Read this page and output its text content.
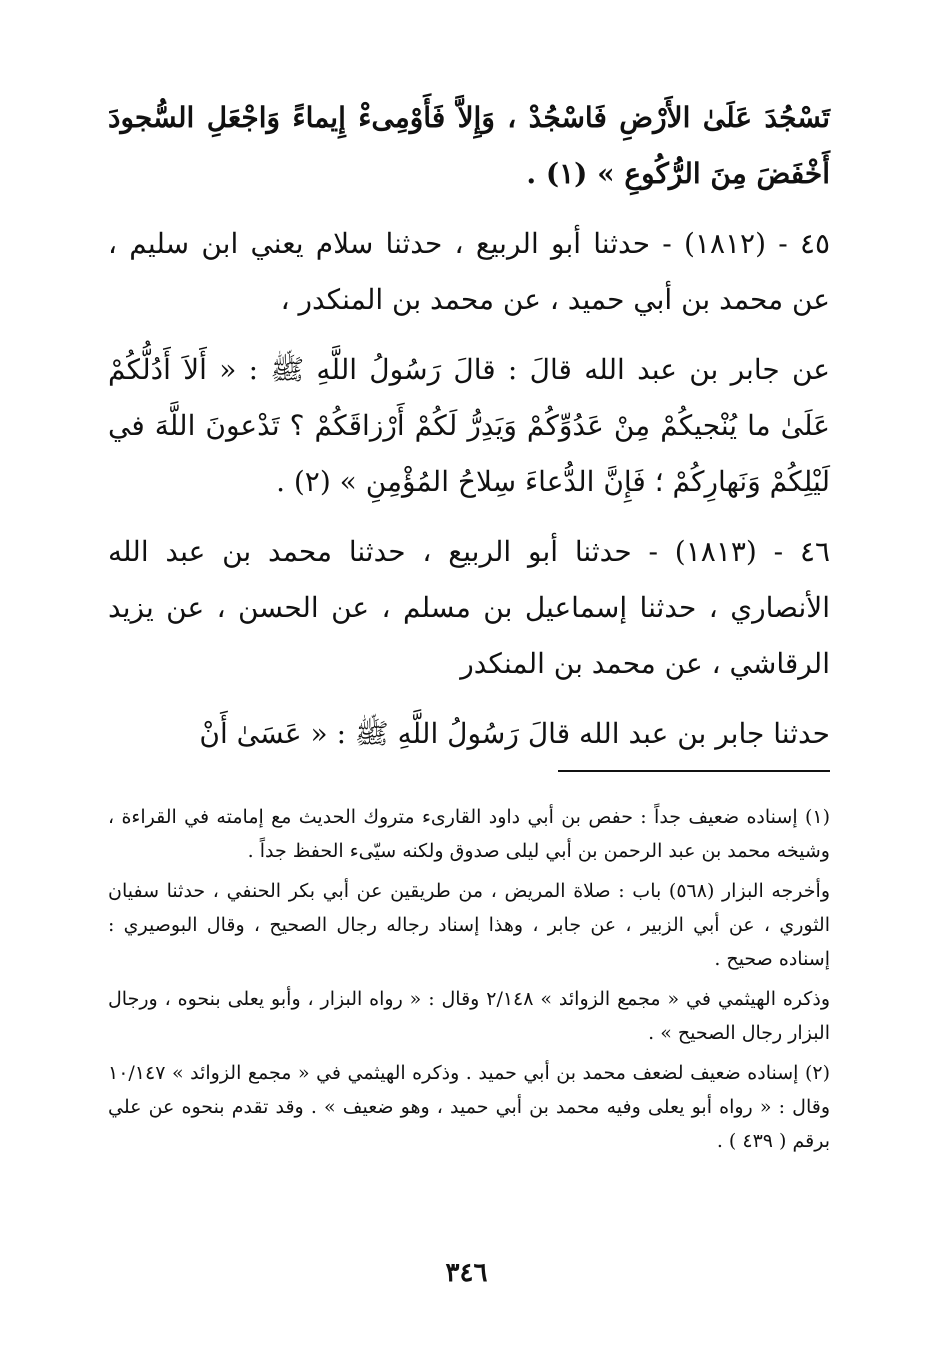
تَسْجُدَ عَلَىٰ الأَرْضِ فَاسْجُدْ ، وَإِلاَّ فَأَوْمِىءْ إِيماءً وَاجْعَلِ السُّجودَ أَخْفَضَ مِنَ الرُّكُوعِ » (١) .

٤٥ - (١٨١٢) - حدثنا أبو الربيع ، حدثنا سلام يعني ابن سليم ، عن محمد بن أبي حميد ، عن محمد بن المنكدر ،

عن جابر بن عبد الله قالَ : قالَ رَسُولُ اللَّهِ ﷺ : « أَلاَ أَدُلُّكُمْ عَلَىٰ ما يُنْجيكُمْ مِنْ عَدُوِّكُمْ وَيَدِرُّ لَكُمْ أَرْزاقَكُمْ ؟ تَدْعونَ اللَّهَ في لَيْلِكُمْ وَنَهارِكُمْ ؛ فَإِنَّ الدُّعاءَ سِلاحُ المُؤْمِنِ » (٢) .

٤٦ - (١٨١٣) - حدثنا أبو الربيع ، حدثنا محمد بن عبد الله الأنصاري ، حدثنا إسماعيل بن مسلم ، عن الحسن ، عن يزيد الرقاشي ، عن محمد بن المنكدر

حدثنا جابر بن عبد الله قالَ رَسُولُ اللَّهِ ﷺ : « عَسَىٰ أَنْ

(١) إسناده ضعيف جداً : حفص بن أبي داود القارىء متروك الحديث مع إمامته في القراءة ، وشيخه محمد بن عبد الرحمن بن أبي ليلى صدوق ولكنه سيّىء الحفظ جداً .

وأخرجه البزار (٥٦٨) باب : صلاة المريض ، من طريقين عن أبي بكر الحنفي ، حدثنا سفيان الثوري ، عن أبي الزبير ، عن جابر ، وهذا إسناد رجاله رجال الصحيح ، وقال البوصيري : إسناده صحيح .

وذكره الهيثمي في « مجمع الزوائد » ٢/١٤٨ وقال : « رواه البزار ، وأبو يعلى بنحوه ، ورجال البزار رجال الصحيح » .

(٢) إسناده ضعيف لضعف محمد بن أبي حميد . وذكره الهيثمي في « مجمع الزوائد » ١٠/١٤٧ وقال : « رواه أبو يعلى وفيه محمد بن أبي حميد ، وهو ضعيف » . وقد تقدم بنحوه عن علي برقم ( ٤٣٩ ) .

٣٤٦
